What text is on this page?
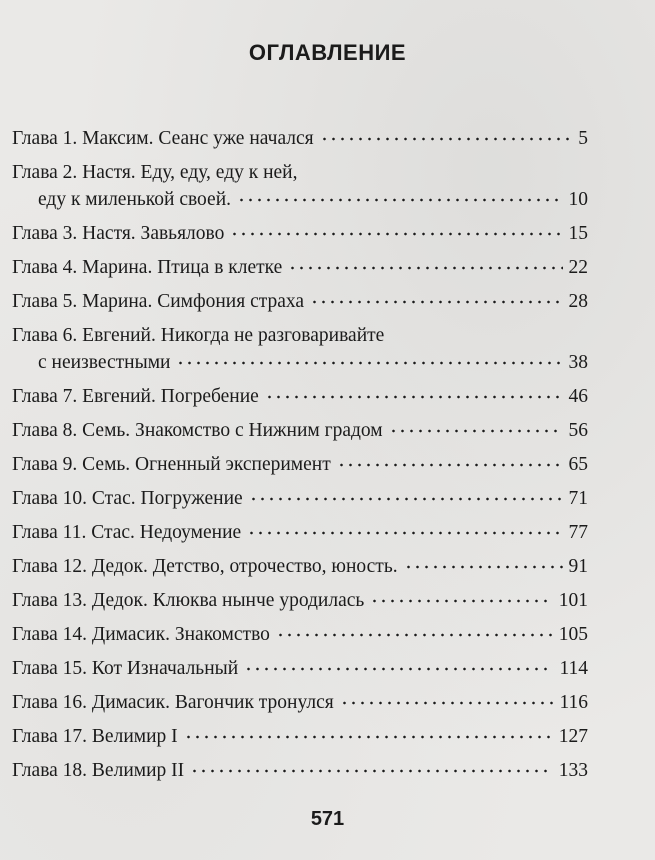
ОГЛАВЛЕНИЕ
Глава 1. Максим. Сеанс уже начался	5
Глава 2. Настя. Еду, еду, еду к ней,
еду к миленькой своей.	10
Глава 3. Настя. Завьялово	15
Глава 4. Марина. Птица в клетке	22
Глава 5. Марина. Симфония страха	28
Глава 6. Евгений. Никогда не разговаривайте
с неизвестными	38
Глава 7. Евгений. Погребение	46
Глава 8. Семь. Знакомство с Нижним градом	56
Глава 9. Семь. Огненный эксперимент	65
Глава 10. Стас. Погружение	71
Глава 11. Стас. Недоумение	77
Глава 12. Дедок. Детство, отрочество, юность.	91
Глава 13. Дедок. Клюква нынче уродилась	101
Глава 14. Димасик. Знакомство	105
Глава 15. Кот Изначальный	114
Глава 16. Димасик. Вагончик тронулся	116
Глава 17. Велимир I	127
Глава 18. Велимир II	133
571
